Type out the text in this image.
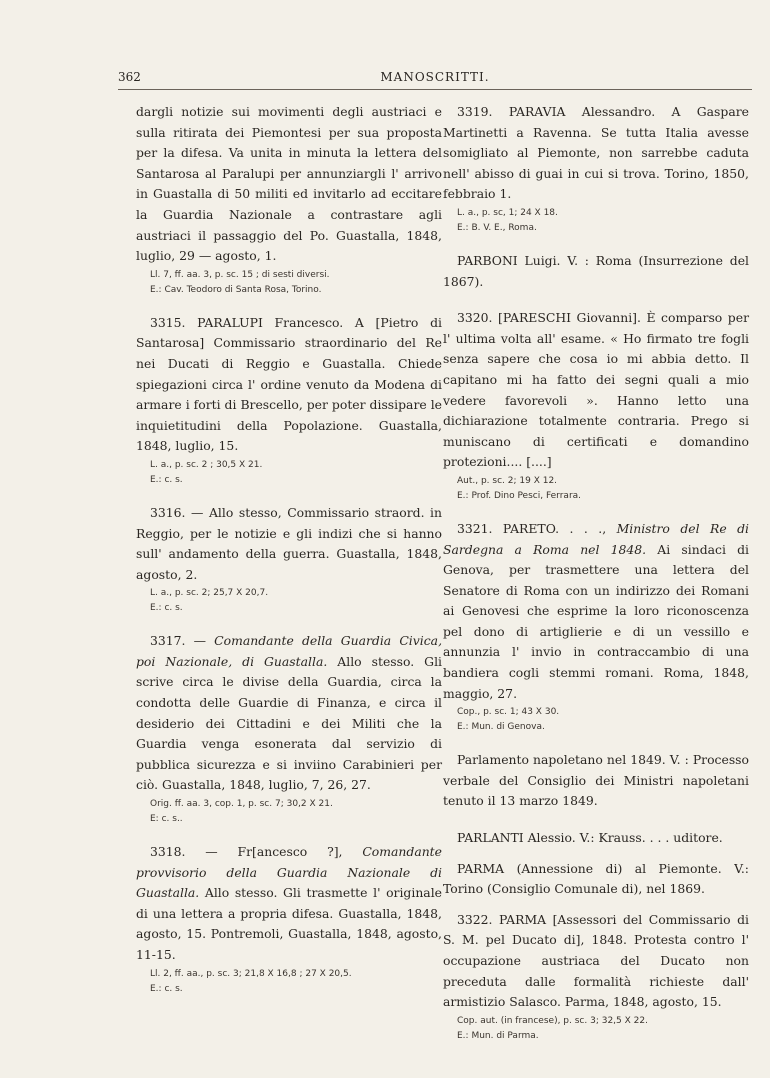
362	MANOSCRITTI.

dargli notizie sui movimenti degli austriaci e sulla ritirata dei Piemontesi per sua proposta per la difesa. Va unita in minuta la lettera del Santarosa al Paralupi per annunziargli l' arrivo in Guastalla di 50 militi ed invitarlo ad eccitare la Guardia Nazionale a contrastare agli austriaci il passaggio del Po. Guastalla, 1848, luglio, 29 — agosto, 1.

Ll. 7, ff. aa. 3, p. sc. 15 ; di sesti diversi.
E.: Cav. Teodoro di Santa Rosa, Torino.

3315. PARALUPI Francesco. A [Pietro di Santarosa] Commissario straordinario del Re nei Ducati di Reggio e Guastalla. Chiede spiegazioni circa l' ordine venuto da Modena di armare i forti di Brescello, per poter dissipare le inquietitudini della Popolazione. Guastalla, 1848, luglio, 15.

L. a., p. sc. 2 ; 30,5 X 21.
E.: c. s.

3316. — Allo stesso, Commissario straord. in Reggio, per le notizie e gli indizi che si hanno sull' andamento della guerra. Guastalla, 1848, agosto, 2.

L. a., p. sc. 2; 25,7 X 20,7.
E.: c. s.

3317. — Comandante della Guardia Civica, poi Nazionale, di Guastalla. Allo stesso. Gli scrive circa le divise della Guardia, circa la condotta delle Guardie di Finanza, e circa il desiderio dei Cittadini e dei Militi che la Guardia venga esonerata dal servizio di pubblica sicurezza e si inviino Carabinieri per ciò. Guastalla, 1848, luglio, 7, 26, 27.

Orig. ff. aa. 3, cop. 1, p. sc. 7; 30,2 X 21.
E: c. s..

3318. — Fr[ancesco ?], Comandante provvisorio della Guardia Nazionale di Guastalla. Allo stesso. Gli trasmette l' originale di una lettera a propria difesa. Guastalla, 1848, agosto, 15. Pontremoli, Guastalla, 1848, agosto, 11-15.

Ll. 2, ff. aa., p. sc. 3; 21,8 X 16,8 ; 27 X 20,5.
E.: c. s.

3319. PARAVIA Alessandro. A Gaspare Martinetti a Ravenna. Se tutta Italia avesse somigliato al Piemonte, non sarrebbe caduta nell' abisso di guai in cui si trova. Torino, 1850, febbraio 1.

L. a., p. sc, 1; 24 X 18.
E.: B. V. E., Roma.

PARBONI Luigi. V. : Roma (Insurrezione del 1867).

3320. [PARESCHI Giovanni]. È comparso per l' ultima volta all' esame. « Ho firmato tre fogli senza sapere che cosa io mi abbia detto. Il capitano mi ha fatto dei segni quali a mio vedere favorevoli ». Hanno letto una dichiarazione totalmente contraria. Prego si muniscano di certificati e domandino protezioni.... [....]

Aut., p. sc. 2; 19 X 12.
E.: Prof. Dino Pesci, Ferrara.

3321. PARETO. . . ., Ministro del Re di Sardegna a Roma nel 1848. Ai sindaci di Genova, per trasmettere una lettera del Senatore di Roma con un indirizzo dei Romani ai Genovesi che esprime la loro riconoscenza pel dono di artiglierie e di un vessillo e annunzia l' invio in contraccambio di una bandiera cogli stemmi romani. Roma, 1848, maggio, 27.

Cop., p. sc. 1; 43 X 30.
E.: Mun. di Genova.

Parlamento napoletano nel 1849. V. : Processo verbale del Consiglio dei Ministri napoletani tenuto il 13 marzo 1849.

PARLANTI Alessio. V.: Krauss. . . . uditore.

PARMA (Annessione di) al Piemonte. V.: Torino (Consiglio Comunale di), nel 1869.

3322. PARMA [Assessori del Commissario di S. M. pel Ducato di], 1848. Protesta contro l' occupazione austriaca del Ducato non preceduta dalle formalità richieste dall' armistizio Salasco. Parma, 1848, agosto, 15.

Cop. aut. (in francese), p. sc. 3; 32,5 X 22.
E.: Mun. di Parma.
